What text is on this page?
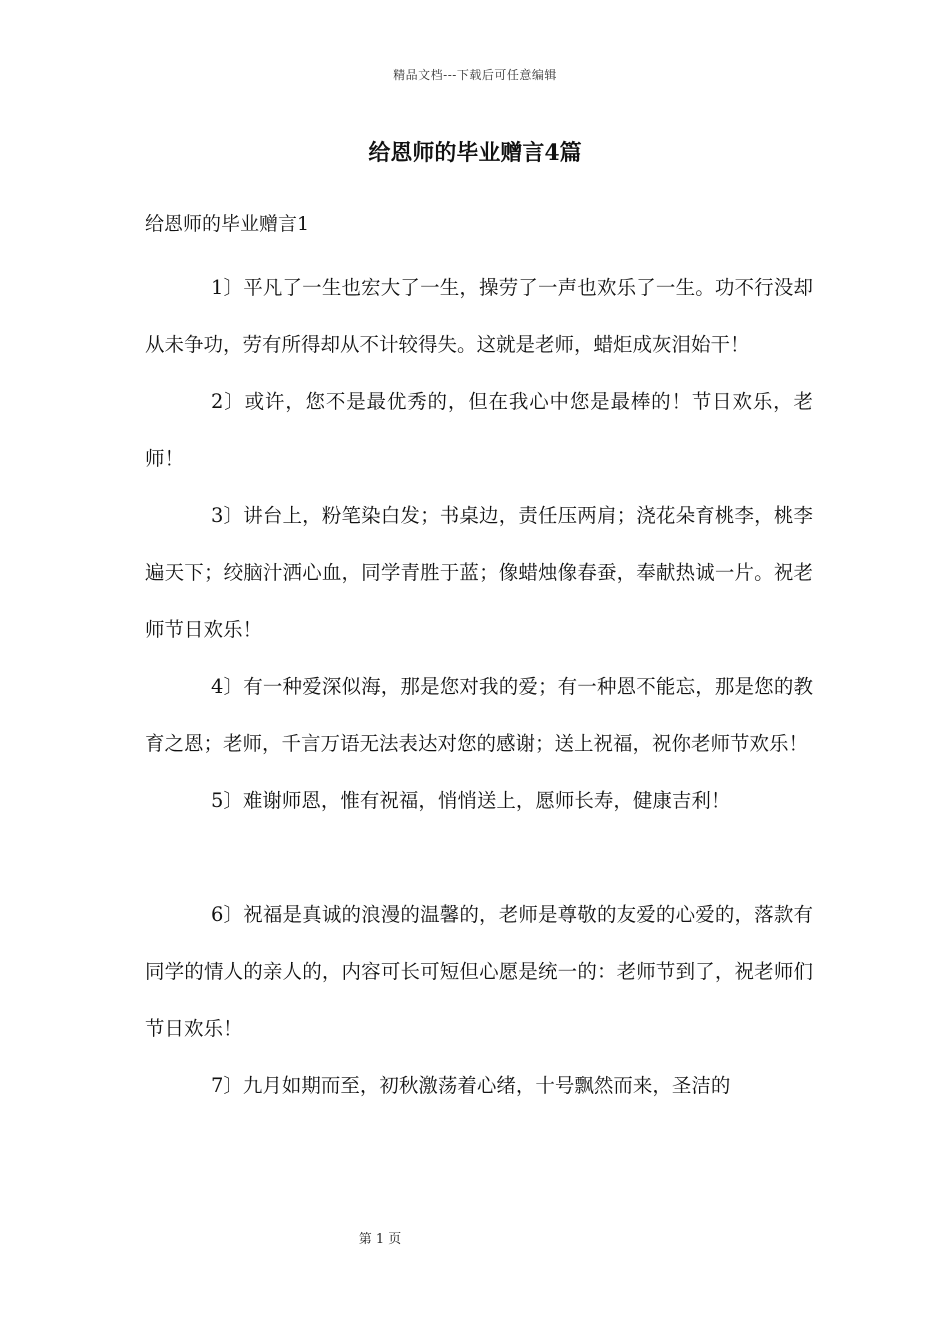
精品文档---下载后可任意编辑
给恩师的毕业赠言4篇
给恩师的毕业赠言1

1〕平凡了一生也宏大了一生，操劳了一声也欢乐了一生。功不行没却从未争功，劳有所得却从不计较得失。这就是老师，蜡炬成灰泪始干！

2〕或许，您不是最优秀的，但在我心中您是最棒的！节日欢乐，老师！

3〕讲台上，粉笔染白发；书桌边，责任压两肩；浇花朵育桃李，桃李遍天下；绞脑汁洒心血，同学青胜于蓝；像蜡烛像春蚕，奉献热诚一片。祝老师节日欢乐！

4〕有一种爱深似海，那是您对我的爱；有一种恩不能忘，那是您的教育之恩；老师，千言万语无法表达对您的感谢；送上祝福，祝你老师节欢乐！

5〕难谢师恩，惟有祝福，悄悄送上，愿师长寿，健康吉利！

6〕祝福是真诚的浪漫的温馨的，老师是尊敬的友爱的心爱的，落款有同学的情人的亲人的，内容可长可短但心愿是统一的：老师节到了，祝老师们节日欢乐！

7〕九月如期而至，初秋激荡着心绪，十号飘然而来，圣洁的

第 1 页
